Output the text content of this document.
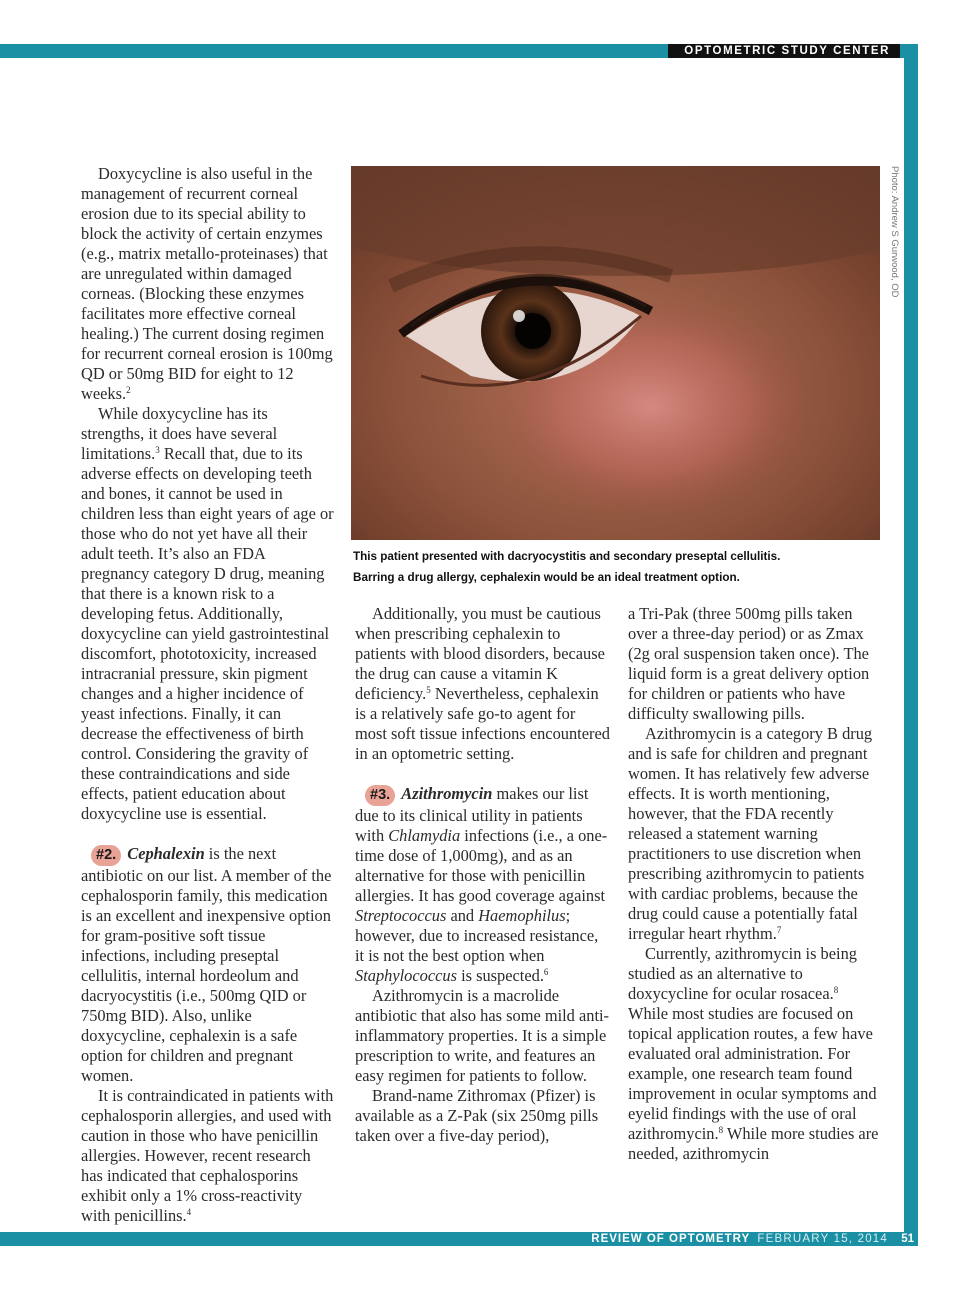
OPTOMETRIC STUDY CENTER

Doxycycline is also useful in the management of recurrent corneal erosion due to its special ability to block the activity of certain enzymes (e.g., matrix metallo-proteinases) that are unregulated within damaged corneas. (Blocking these enzymes facilitates more effective corneal healing.) The current dosing regimen for recurrent corneal erosion is 100mg QD or 50mg BID for eight to 12 weeks.$^2$

While doxycycline has its strengths, it does have several limitations.$^3$ Recall that, due to its adverse effects on developing teeth and bones, it cannot be used in children less than eight years of age or those who do not yet have all their adult teeth. It’s also an FDA pregnancy category D drug, meaning that there is a known risk to a developing fetus. Additionally, doxycycline can yield gastrointestinal discomfort, phototoxicity, increased intracranial pressure, skin pigment changes and a higher incidence of yeast infections. Finally, it can decrease the effectiveness of birth control. Considering the gravity of these contraindications and side effects, patient education about doxycycline use is essential.

#2. Cephalexin is the next antibiotic on our list. A member of the cephalosporin family, this medication is an excellent and inexpensive option for gram-positive soft tissue infections, including preseptal cellulitis, internal hordeolum and dacryocystitis (i.e., 500mg QID or 750mg BID). Also, unlike doxycycline, cephalexin is a safe option for children and pregnant women.

It is contraindicated in patients with cephalosporin allergies, and used with caution in those who have penicillin allergies. However, recent research has indicated that cephalosporins exhibit only a 1% cross-reactivity with penicillins.$^4$

Photo: Andrew S Gurwood, OD
This patient presented with dacryocystitis and secondary preseptal cellulitis.
Barring a drug allergy, cephalexin would be an ideal treatment option.

Additionally, you must be cautious when prescribing cephalexin to patients with blood disorders, because the drug can cause a vitamin K deficiency.$^5$ Nevertheless, cephalexin is a relatively safe go-to agent for most soft tissue infections encountered in an optometric setting.

#3. Azithromycin makes our list due to its clinical utility in patients with Chlamydia infections (i.e., a one-time dose of 1,000mg), and as an alternative for those with penicillin allergies. It has good coverage against Streptococcus and Haemophilus; however, due to increased resistance, it is not the best option when Staphylococcus is suspected.$^6$

Azithromycin is a macrolide antibiotic that also has some mild anti-inflammatory properties. It is a simple prescription to write, and features an easy regimen for patients to follow.

Brand-name Zithromax (Pfizer) is available as a Z-Pak (six 250mg pills taken over a five-day period),

a Tri-Pak (three 500mg pills taken over a three-day period) or as Zmax (2g oral suspension taken once). The liquid form is a great delivery option for children or patients who have difficulty swallowing pills.

Azithromycin is a category B drug and is safe for children and pregnant women. It has relatively few adverse effects. It is worth mentioning, however, that the FDA recently released a statement warning practitioners to use discretion when prescribing azithromycin to patients with cardiac problems, because the drug could cause a potentially fatal irregular heart rhythm.$^7$

Currently, azithromycin is being studied as an alternative to doxycycline for ocular rosacea.$^8$ While most studies are focused on topical application routes, a few have evaluated oral administration. For example, one research team found improvement in ocular symptoms and eyelid findings with the use of oral azithromycin.$^8$ While more studies are needed, azithromycin

REVIEW OF OPTOMETRY FEBRUARY 15, 2014 51
